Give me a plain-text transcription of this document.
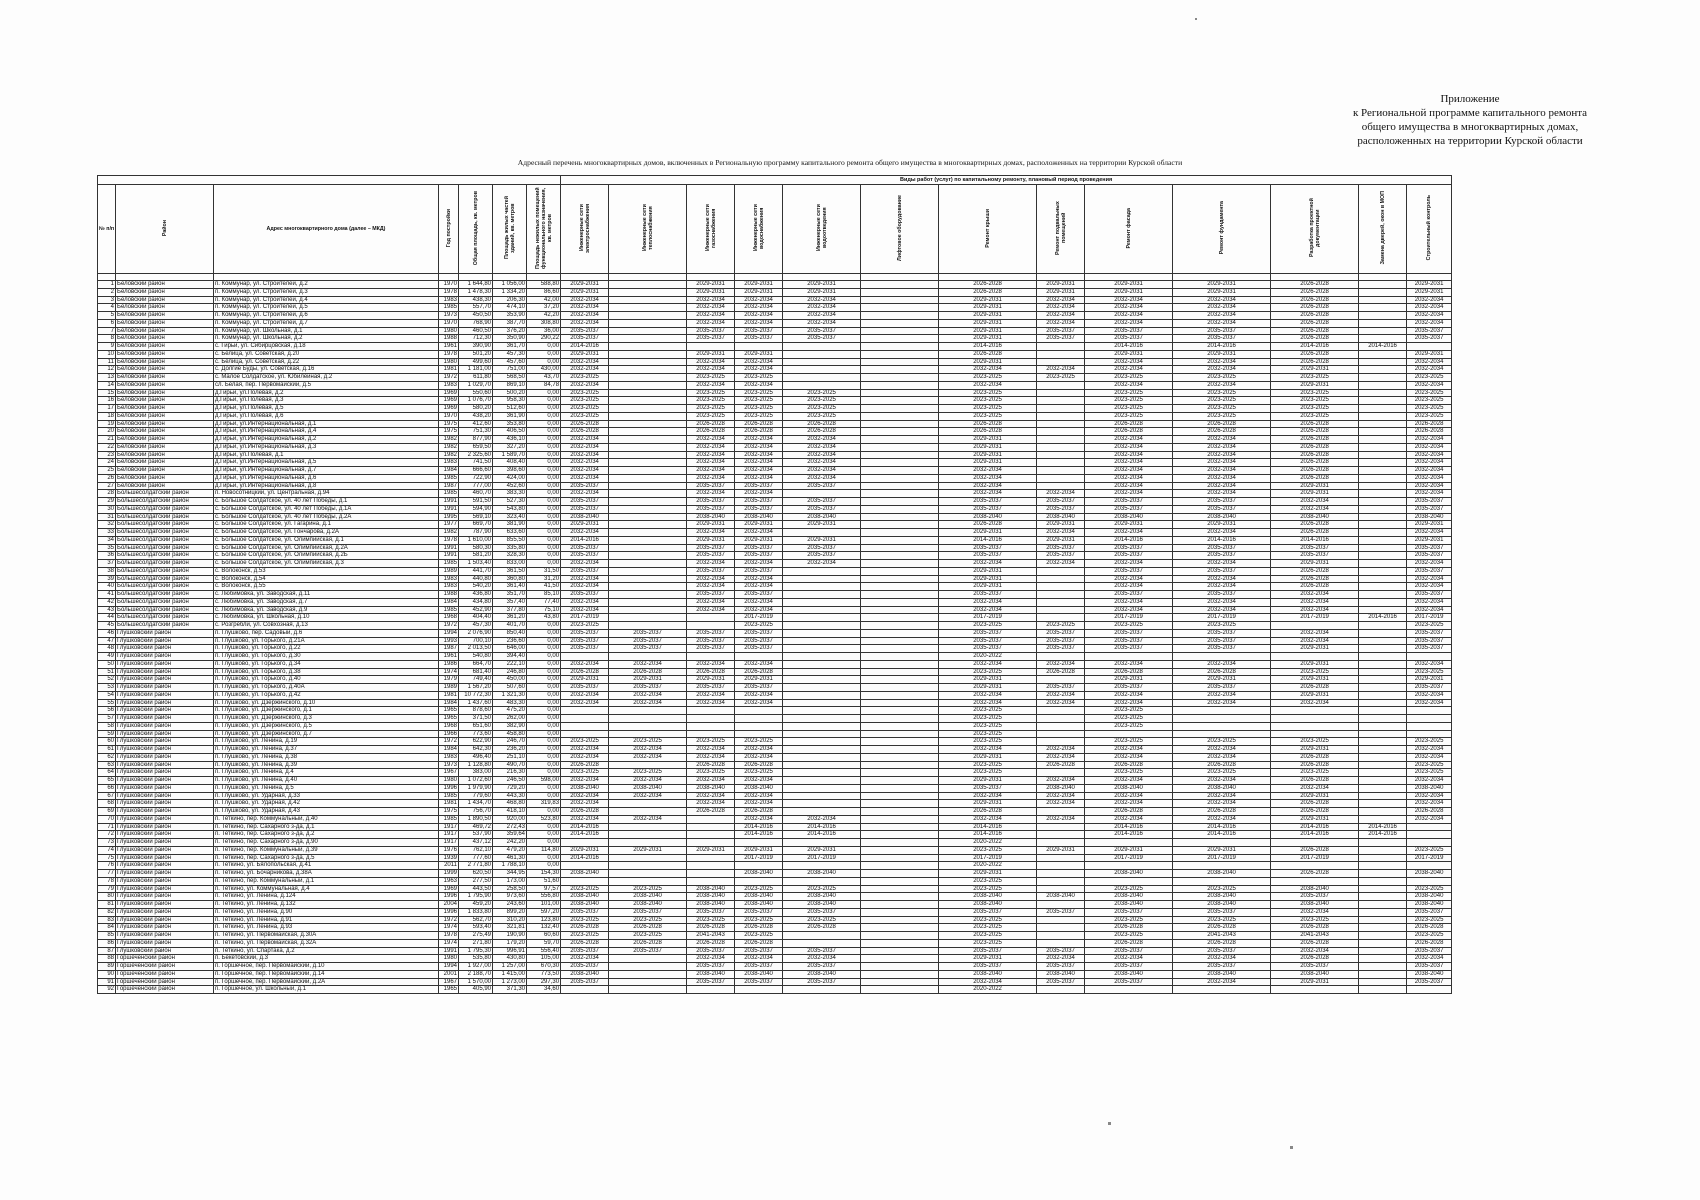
Приложение
к Региональной программе капитального ремонта
общего имущества в многоквартирных домах,
расположенных на территории Курской области
Адресный перечень многоквартирных домов, включенных в Региональную программу капитального ремонта общего имущества в многоквартирных домах, расположенных на территории Курской области
							Виды работ (услуг) по капитальному ремонту, плановый период проведения												
№ п/п	Район	Адрес многоквартирного дома (далее – МКД)	Год постройки	Общая площадь, кв. метров	Площадь жилых частей зданий, кв. метров	Площадь нежилых помещений функционального назначения, кв. метров	Инженерные сети электроснабжения	Инженерные сети теплоснабжения	Инженерные сети газоснабжения	Инженерные сети водоснабжения	Инженерные сети водоотведения	Лифтовое оборудование	Ремонт крыши	Ремонт подвальных помещений	Ремонт фасада	Ремонт фундамента	Разработка проектной документации	Замена дверей, окон в МОП	Строительный контроль

1	Беловский район	п. Коммунар, ул. Строителей, д.2	1970	1 644,80	1 056,00	588,80	2029-2031		2029-2031	2029-2031	2029-2031		2026-2028	2029-2031	2029-2031	2029-2031	2026-2028		2029-2031
2	Беловский район	п. Коммунар, ул. Строителей, д.3	1978	1 478,30	1 334,20	86,60	2029-2031		2029-2031	2029-2031	2029-2031		2026-2028	2029-2031	2029-2031	2029-2031	2026-2028		2029-2031
3	Беловский район	п. Коммунар, ул. Строителей, д.4	1983	438,30	206,30	42,00	2032-2034		2032-2034	2032-2034	2032-2034		2029-2031	2032-2034	2032-2034	2032-2034	2026-2028		2032-2034
4	Беловский район	п. Коммунар, ул. Строителей, д.5	1985	557,70	474,10	37,20	2032-2034		2032-2034	2032-2034	2032-2034		2029-2031	2032-2034	2032-2034	2032-2034	2026-2028		2032-2034
5	Беловский район	п. Коммунар, ул. Строителей, д.6	1973	450,50	353,90	42,20	2032-2034		2032-2034	2032-2034	2032-2034		2029-2031	2032-2034	2032-2034	2032-2034	2026-2028		2032-2034
6	Беловский район	п. Коммунар, ул. Строителей, д.7	1970	768,90	387,70	308,80	2032-2034		2032-2034	2032-2034	2032-2034		2029-2031	2032-2034	2032-2034	2032-2034	2026-2028		2032-2034
7	Беловский район	п. Коммунар, ул. Школьная, д.1	1980	460,50	376,20	36,00	2035-2037		2035-2037	2035-2037	2035-2037		2029-2031	2035-2037	2035-2037	2035-2037	2026-2028		2035-2037
8	Беловский район	п. Коммунар, ул. Школьная, д.2	1988	712,30	350,90	290,22	2035-2037		2035-2037	2035-2037	2035-2037		2029-2031	2035-2037	2035-2037	2035-2037	2026-2028		2035-2037
9	Беловский район	с. Гирьи, ул. Сибирцовская, д.18	1961	390,90	361,70	0,00	2014-2016						2014-2016		2014-2016	2014-2016	2014-2016	2014-2016	
10	Беловский район	с. Белица, ул. Советская, д.20	1978	501,20	457,30	0,00	2029-2031		2029-2031	2029-2031			2026-2028		2029-2031	2029-2031	2026-2028		2029-2031
11	Беловский район	с. Белица, ул. Советская, д.22	1980	499,60	457,60	0,00	2032-2034		2032-2034	2032-2034			2029-2031		2032-2034	2032-2034	2026-2028		2032-2034
12	Беловский район	с. Долгие Буды, ул. Советская, д.16	1981	1 181,00	751,00	430,00	2032-2034		2032-2034	2032-2034			2032-2034	2032-2034	2032-2034	2032-2034	2029-2031		2032-2034
13	Беловский район	с. Малое Солдатское, ул. Юбилейная, д.2	1972	611,80	568,50	43,70	2023-2025		2023-2025	2023-2025			2023-2025	2023-2025	2023-2025	2023-2025	2023-2025		2023-2025
14	Беловский район	сл. Белая, пер. Первомайский, д.5	1983	1 029,70	869,10	84,78	2032-2034		2032-2034	2032-2034			2032-2034		2032-2034	2032-2034	2029-2031		2032-2034
15	Беловский район	д.Гирьи, ул.Полевая, д.2	1969	550,60	500,20	0,00	2023-2025		2023-2025	2023-2025	2023-2025		2023-2025		2023-2025	2023-2025	2023-2025		2023-2025
16	Беловский район	д.Гирьи, ул.Полевая, д.3	1969	1 076,70	958,30	0,00	2023-2025		2023-2025	2023-2025	2023-2025		2023-2025		2023-2025	2023-2025	2023-2025		2023-2025
17	Беловский район	д.Гирьи, ул.Полевая, д.5	1969	580,20	512,60	0,00	2023-2025		2023-2025	2023-2025	2023-2025		2023-2025		2023-2025	2023-2025	2023-2025		2023-2025
18	Беловский район	д.Гирьи, ул.Полевая, д.6	1970	438,20	361,90	0,00	2023-2025		2023-2025	2023-2025	2023-2025		2023-2025		2023-2025	2023-2025	2023-2025		2023-2025
19	Беловский район	д.Гирьи, ул.Интернациональная, д.1	1975	412,60	353,80	0,00	2026-2028		2026-2028	2026-2028	2026-2028		2026-2028		2026-2028	2026-2028	2026-2028		2026-2028
20	Беловский район	д.Гирьи, ул.Интернациональная, д.4	1975	751,30	406,50	0,00	2026-2028		2026-2028	2026-2028	2026-2028		2026-2028		2026-2028	2026-2028	2026-2028		2026-2028
21	Беловский район	д.Гирьи, ул.Интернациональная, д.2	1982	877,90	436,10	0,00	2032-2034		2032-2034	2032-2034	2032-2034		2029-2031		2032-2034	2032-2034	2026-2028		2032-2034
22	Беловский район	д.Гирьи, ул.Интернациональная, д.3	1982	659,50	327,20	0,00	2032-2034		2032-2034	2032-2034	2032-2034		2029-2031		2032-2034	2032-2034	2026-2028		2032-2034
23	Беловский район	д.Гирьи, ул.Полевая, д.1	1982	2 325,60	1 589,70	0,00	2032-2034		2032-2034	2032-2034	2032-2034		2029-2031		2032-2034	2032-2034	2026-2028		2032-2034
24	Беловский район	д.Гирьи, ул.Интернациональная, д.5	1983	741,50	408,40	0,00	2032-2034		2032-2034	2032-2034	2032-2034		2029-2031		2032-2034	2032-2034	2026-2028		2032-2034
25	Беловский район	д.Гирьи, ул.Интернациональная, д.7	1984	666,60	398,60	0,00	2032-2034		2032-2034	2032-2034	2032-2034		2032-2034		2032-2034	2032-2034	2026-2028		2032-2034
26	Беловский район	д.Гирьи, ул.Интернациональная, д.6	1985	722,90	424,00	0,00	2032-2034		2032-2034	2032-2034	2032-2034		2032-2034		2032-2034	2032-2034	2026-2028		2032-2034
27	Беловский район	д.Гирьи, ул.Интернациональная, д.8	1987	777,00	452,60	0,00	2035-2037		2035-2037	2035-2037	2035-2037		2032-2034		2032-2034	2032-2034	2029-2031		2032-2034
28	Большесолдатский район	п. Новосотницкий, ул. Центральная, д.94	1985	460,70	383,30	0,00	2032-2034		2032-2034	2032-2034			2032-2034	2032-2034	2032-2034	2032-2034	2029-2031		2032-2034
29	Большесолдатский район	с. Большое Солдатское, ул. 40 лет Победы, д.1	1991	591,50	527,30	0,00	2035-2037		2035-2037	2035-2037	2035-2037		2035-2037	2035-2037	2035-2037	2035-2037	2032-2034		2035-2037
30	Большесолдатский район	с. Большое Солдатское, ул. 40 лет Победы, д.1А	1991	594,90	543,80	0,00	2035-2037		2035-2037	2035-2037	2035-2037		2035-2037	2035-2037	2035-2037	2035-2037	2032-2034		2035-2037
31	Большесолдатский район	с. Большое Солдатское, ул. 40 лет Победы, д.2А	1995	569,10	323,40	0,00	2038-2040		2038-2040	2038-2040	2038-2040		2038-2040	2038-2040	2038-2040	2038-2040	2038-2040		2038-2040
32	Большесолдатский район	с. Большое Солдатское, ул. Гагарина, д.1	1977	669,70	381,90	0,00	2029-2031		2029-2031	2029-2031	2029-2031		2026-2028	2029-2031	2029-2031	2029-2031	2026-2028		2029-2031
33	Большесолдатский район	с. Большое Солдатское, ул. Гончарова, д.2А	1982	787,90	633,60	0,00	2032-2034		2032-2034	2032-2034			2029-2031	2032-2034	2032-2034	2032-2034	2026-2028		2032-2034
34	Большесолдатский район	с. Большое Солдатское, ул. Олимпийская, д.1	1978	1 610,00	855,50	0,00	2014-2016		2029-2031	2029-2031	2029-2031		2014-2016	2029-2031	2014-2016	2014-2016	2014-2016		2029-2031
35	Большесолдатский район	с. Большое Солдатское, ул. Олимпийская, д.2А	1991	580,30	335,80	0,00	2035-2037		2035-2037	2035-2037	2035-2037		2035-2037	2035-2037	2035-2037	2035-2037	2035-2037		2035-2037
36	Большесолдатский район	с. Большое Солдатское, ул. Олимпийская, д.2Б	1991	581,20	328,30	0,00	2035-2037		2035-2037	2035-2037	2035-2037		2035-2037	2035-2037	2035-2037	2035-2037	2035-2037		2035-2037
37	Большесолдатский район	с. Большое Солдатское, ул. Олимпийская, д.3	1985	1 503,40	833,00	0,00	2032-2034		2032-2034	2032-2034	2032-2034		2032-2034	2032-2034	2032-2034	2032-2034	2029-2031		2032-2034
38	Большесолдатский район	с. Волоконск, д.53	1989	441,70	361,50	31,50	2035-2037		2035-2037	2035-2037			2029-2031		2035-2037	2035-2037	2026-2028		2035-2037
39	Большесолдатский район	с. Волоконск, д.54	1983	440,80	360,80	31,20	2032-2034		2032-2034	2032-2034			2029-2031		2032-2034	2032-2034	2026-2028		2032-2034
40	Большесолдатский район	с. Волоконск, д.55	1983	540,20	361,40	41,50	2032-2034		2032-2034	2032-2034			2029-2031		2032-2034	2032-2034	2026-2028		2032-2034
41	Большесолдатский район	с. Любимовка, ул. Заводская, д.11	1988	436,80	351,70	85,10	2035-2037		2035-2037	2035-2037			2035-2037		2035-2037	2035-2037	2032-2034		2035-2037
42	Большесолдатский район	с. Любимовка, ул. Заводская, д.7	1984	434,80	357,40	77,40	2032-2034		2032-2034	2032-2034			2032-2034		2032-2034	2032-2034	2032-2034		2032-2034
43	Большесолдатский район	с. Любимовка, ул. Заводская, д.9	1985	452,90	377,80	75,10	2032-2034		2032-2034	2032-2034			2032-2034		2032-2034	2032-2034	2032-2034		2032-2034
44	Большесолдатский район	с. Любимовка, ул. Школьная, д.10	1968	404,40	361,20	43,80	2017-2019			2017-2019			2017-2019		2017-2019	2017-2019	2017-2019	2014-2016	2017-2019
45	Большесолдатский район	с. Розгребли, ул. Совхозная, д.13	1972	457,30	401,70	0,00	2023-2025			2023-2025			2023-2025	2023-2025	2023-2025	2023-2025			2023-2025
46	Глушковский район	п. Глушково, пер. Садовый, д.6	1994	2 076,90	850,40	0,00	2035-2037	2035-2037	2035-2037	2035-2037			2035-2037	2035-2037	2035-2037	2035-2037	2032-2034		2035-2037
47	Глушковский район	п. Глушково, ул. Горького, д.21А	1993	700,10	236,60	0,00	2035-2037	2035-2037	2035-2037	2035-2037			2035-2037	2035-2037	2035-2037	2035-2037	2032-2034		2035-2037
48	Глушковский район	п. Глушково, ул. Горького, д.22	1987	2 013,50	646,00	0,00	2035-2037	2035-2037	2035-2037	2035-2037			2035-2037	2035-2037	2035-2037	2035-2037	2029-2031		2035-2037
49	Глушковский район	п. Глушково, ул. Горького, д.30	1961	540,80	394,40	0,00							2020-2022						
50	Глушковский район	п. Глушково, ул. Горького, д.34	1986	664,70	222,10	0,00	2032-2034	2032-2034	2032-2034	2032-2034			2032-2034	2032-2034	2032-2034	2032-2034	2029-2031		2032-2034
51	Глушковский район	п. Глушково, ул. Горького, д.38	1974	681,40	246,80	0,00	2026-2028	2026-2028	2026-2028	2026-2028			2023-2025	2026-2028	2026-2028	2026-2028	2023-2025		2023-2025
52	Глушковский район	п. Глушково, ул. Горького, д.40	1979	749,40	450,00	0,00	2029-2031	2029-2031	2029-2031	2029-2031			2029-2031		2029-2031	2029-2031	2029-2031		2029-2031
53	Глушковский район	п. Глушково, ул. Горького, д.40А	1989	1 567,20	507,60	0,00	2035-2037	2035-2037	2035-2037	2035-2037			2029-2031	2035-2037	2035-2037	2035-2037	2026-2028		2035-2037
54	Глушковский район	п. Глушково, ул. Горького, д.42	1981	10 772,30	1 321,30	0,00	2032-2034	2032-2034	2032-2034	2032-2034			2032-2034	2032-2034	2032-2034	2032-2034	2029-2031		2032-2034
55	Глушковский район	п. Глушково, ул. Дзержинского, д.10	1984	1 437,60	483,30	0,00	2032-2034	2032-2034	2032-2034	2032-2034			2032-2034	2032-2034	2032-2034	2032-2034	2032-2034		2032-2034
56	Глушковский район	п. Глушково, ул. Дзержинского, д.1	1965	878,60	475,20	0,00							2023-2025		2023-2025				
57	Глушковский район	п. Глушково, ул. Дзержинского, д.3	1965	371,50	262,00	0,00							2023-2025		2023-2025				
58	Глушковский район	п. Глушково, ул. Дзержинского, д.5	1968	651,60	382,90	0,00							2023-2025		2023-2025				
59	Глушковский район	п. Глушково, ул. Дзержинского, д.7	1966	773,60	458,80	0,00							2023-2025						
60	Глушковский район	п. Глушково, ул. Ленина, д.19	1972	622,90	246,70	0,00	2023-2025	2023-2025	2023-2025	2023-2025			2023-2025		2023-2025	2023-2025	2023-2025		2023-2025
61	Глушковский район	п. Глушково, ул. Ленина, д.37	1984	642,30	236,20	0,00	2032-2034	2032-2034	2032-2034	2032-2034			2032-2034	2032-2034	2032-2034	2032-2034	2029-2031		2032-2034
62	Глушковский район	п. Глушково, ул. Ленина, д.38	1983	496,40	251,10	0,00	2032-2034	2032-2034	2032-2034	2032-2034			2029-2031	2032-2034	2032-2034	2032-2034	2026-2028		2032-2034
63	Глушковский район	п. Глушково, ул. Ленина, д.39	1973	1 128,80	490,70	0,00	2026-2028		2026-2028	2026-2028			2023-2025	2026-2028	2026-2028	2026-2028	2026-2028		2023-2025
64	Глушковский район	п. Глушково, ул. Ленина, д.4	1967	383,00	216,30	0,00	2023-2025	2023-2025	2023-2025	2023-2025			2023-2025		2023-2025	2023-2025	2023-2025		2023-2025
65	Глушковский район	п. Глушково, ул. Ленина, д.40	1980	1 072,60	246,50	598,00	2032-2034	2032-2034	2032-2034	2032-2034			2029-2031	2032-2034	2032-2034	2032-2034	2026-2028		2032-2034
66	Глушковский район	п. Глушково, ул. Ленина, д.5	1996	1 979,90	729,20	0,00	2038-2040	2038-2040	2038-2040	2038-2040			2035-2037	2038-2040	2038-2040	2038-2040	2032-2034		2038-2040
67	Глушковский район	п. Глушково, ул. Ударная, д.33	1985	779,60	443,30	0,00	2032-2034	2032-2034	2032-2034	2032-2034			2032-2034	2032-2034	2032-2034	2032-2034	2029-2031		2032-2034
68	Глушковский район	п. Глушково, ул. Ударная, д.42	1981	1 434,70	468,80	319,83	2032-2034		2032-2034	2032-2034			2029-2031	2032-2034	2032-2034	2032-2034	2026-2028		2032-2034
69	Глушковский район	п. Глушково, ул. Ударная, д.43	1975	756,70	418,10	0,00	2026-2028		2026-2028	2026-2028			2026-2028		2026-2028	2026-2028	2026-2028		2026-2028
70	Глушковский район	п. Теткино, пер. Коммунальный, д.40	1985	1 890,50	920,00	523,80	2032-2034	2032-2034		2032-2034	2032-2034		2032-2034	2032-2034	2032-2034	2032-2034	2029-2031		2032-2034
71	Глушковский район	п. Теткино, пер. Сахарного з-да, д.1	1917	469,72	272,43	0,00	2014-2016			2014-2016	2014-2016		2014-2016		2014-2016	2014-2016	2014-2016	2014-2016	
72	Глушковский район	п. Теткино, пер. Сахарного з-да, д.2	1917	537,90	359,64	0,00	2014-2016			2014-2016	2014-2016		2014-2016		2014-2016	2014-2016	2014-2016	2014-2016	
73	Глушковский район	п. Теткино, пер. Сахарного з-да, д.90	1917	437,12	242,20	0,00							2020-2022						
74	Глушковский район	п. Теткино, пер. Коммунальный, д.39	1976	762,10	479,20	114,80	2029-2031	2029-2031	2029-2031	2029-2031	2029-2031		2023-2025	2029-2031	2029-2031	2029-2031	2026-2028		2023-2025
75	Глушковский район	п. Теткино, пер. Сахарного з-да, д.5	1939	777,60	461,30	0,00	2014-2016			2017-2019	2017-2019		2017-2019		2017-2019	2017-2019	2017-2019		2017-2019
76	Глушковский район	п. Теткино, ул. Бялопольская, д.41	2011	2 771,80	1 788,10	0,00							2020-2022						
77	Глушковский район	п. Теткино, ул. Бочарникова, д.38А	1999	620,50	344,95	154,30	2038-2040			2038-2040	2038-2040		2029-2031		2038-2040	2038-2040	2026-2028		2038-2040
78	Глушковский район	п. Теткино, пер. Коммунальный, д.1	1963	277,50	173,00	51,60							2023-2025						
79	Глушковский район	п. Теткино, ул. Коммунальная, д.4	1969	443,50	258,50	97,57	2023-2025	2023-2025	2038-2040	2023-2025	2023-2025		2023-2025		2023-2025	2023-2025	2038-2040		2023-2025
80	Глушковский район	п. Теткино, ул. Ленина, д.124	1996	1 795,90	973,60	556,80	2038-2040	2038-2040	2038-2040	2038-2040	2038-2040		2038-2040	2038-2040	2038-2040	2038-2040	2035-2037		2038-2040
81	Глушковский район	п. Теткино, ул. Ленина, д.132	2004	459,20	243,60	101,00	2038-2040	2038-2040	2038-2040	2038-2040	2038-2040		2038-2040		2038-2040	2038-2040	2038-2040		2038-2040
82	Глушковский район	п. Теткино, ул. Ленина, д.90	1996	1 833,80	899,20	597,20	2035-2037	2035-2037	2035-2037	2035-2037	2035-2037		2035-2037	2035-2037	2035-2037	2035-2037	2032-2034		2035-2037
83	Глушковский район	п. Теткино, ул. Ленина, д.91	1972	562,70	310,20	123,80	2023-2025	2023-2025	2023-2025	2023-2025	2023-2025		2023-2025		2023-2025	2023-2025	2023-2025		2023-2025
84	Глушковский район	п. Теткино, ул. Ленина, д.93	1974	593,40	321,81	132,40	2026-2028	2026-2028	2026-2028	2026-2028	2026-2028		2023-2025		2026-2028	2026-2028	2026-2028		2026-2028
85	Глушковский район	п. Теткино, ул. Первомайская, д.30А	1978	275,49	190,90	60,60	2023-2025	2023-2025	2041-2043	2023-2025			2023-2025		2023-2025	2041-2043	2041-2043		2023-2025
86	Глушковский район	п. Теткино, ул. Первомайская, д.32А	1974	271,80	179,20	59,70	2026-2028	2026-2028	2026-2028	2026-2028			2023-2025		2026-2028	2026-2028	2026-2028		2026-2028
87	Глушковский район	п. Теткино, ул. Спартака, д.2	1991	1 795,30	996,91	556,40	2035-2037	2035-2037	2035-2037	2035-2037	2035-2037		2035-2037	2035-2037	2035-2037	2035-2037	2032-2034		2035-2037
88	Горшеченский район	п. Бекетовский, д.3	1980	535,80	430,80	105,00	2032-2034		2032-2034	2032-2034	2032-2034		2029-2031	2032-2034	2032-2034	2032-2034	2026-2028		2032-2034
89	Горшеченский район	п. Горшечное, пер. Первомайский, д.10	1994	1 927,00	1 257,00	670,30	2035-2037		2035-2037	2035-2037	2035-2037		2035-2037	2035-2037	2035-2037	2035-2037	2035-2037		2035-2037
90	Горшеченский район	п. Горшечное, пер. Первомайский, д.14	2001	2 188,70	1 415,00	773,50	2038-2040		2038-2040	2038-2040	2038-2040		2038-2040	2038-2040	2038-2040	2038-2040	2038-2040		2038-2040
91	Горшеченский район	п. Горшечное, пер. Первомайский, д.2А	1967	1 570,00	1 273,00	297,30	2035-2037		2035-2037	2035-2037	2035-2037		2032-2034	2035-2037	2035-2037	2032-2034	2029-2031		2035-2037
92	Горшеченский район	п. Горшечное, ул. Школьный, д.1	1965	405,90	371,30	34,60							2020-2022						
